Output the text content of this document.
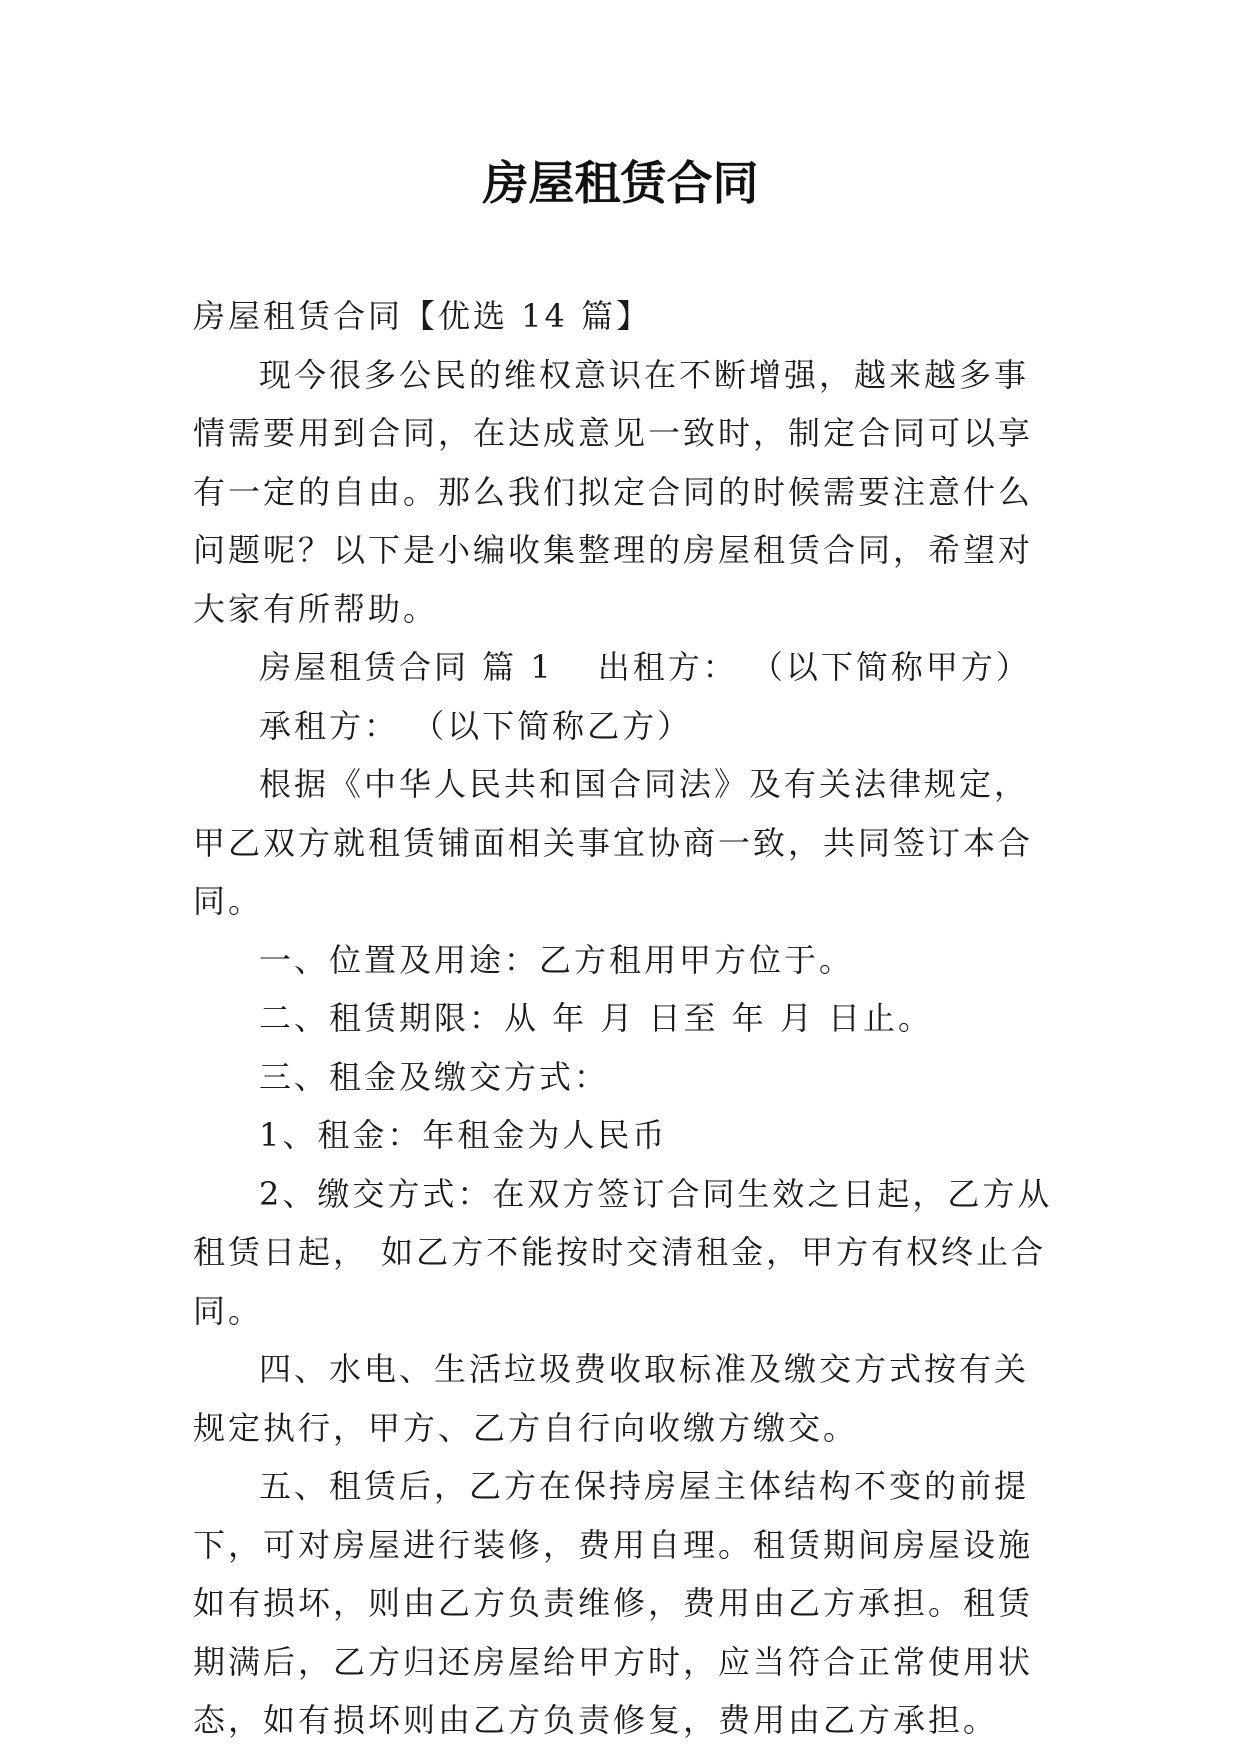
房屋租赁合同

房屋租赁合同【优选 14 篇】

现今很多公民的维权意识在不断增强，越来越多事情需要用到合同，在达成意见一致时，制定合同可以享有一定的自由。那么我们拟定合同的时候需要注意什么问题呢？以下是小编收集整理的房屋租赁合同，希望对大家有所帮助。

房屋租赁合同 篇 1 出租方： （以下简称甲方）

承租方： （以下简称乙方）

根据《中华人民共和国合同法》及有关法律规定，甲乙双方就租赁铺面相关事宜协商一致，共同签订本合同。

一、位置及用途：乙方租用甲方位于。

二、租赁期限：从 年 月 日至 年 月 日止。

三、租金及缴交方式：

1、租金：年租金为人民币

2、缴交方式：在双方签订合同生效之日起，乙方从租赁日起， 如乙方不能按时交清租金，甲方有权终止合同。

四、水电、生活垃圾费收取标准及缴交方式按有关规定执行，甲方、乙方自行向收缴方缴交。

五、租赁后，乙方在保持房屋主体结构不变的前提下，可对房屋进行装修，费用自理。租赁期间房屋设施如有损坏，则由乙方负责维修，费用由乙方承担。租赁期满后，乙方归还房屋给甲方时，应当符合正常使用状态，如有损坏则由乙方负责修复，费用由乙方承担。
